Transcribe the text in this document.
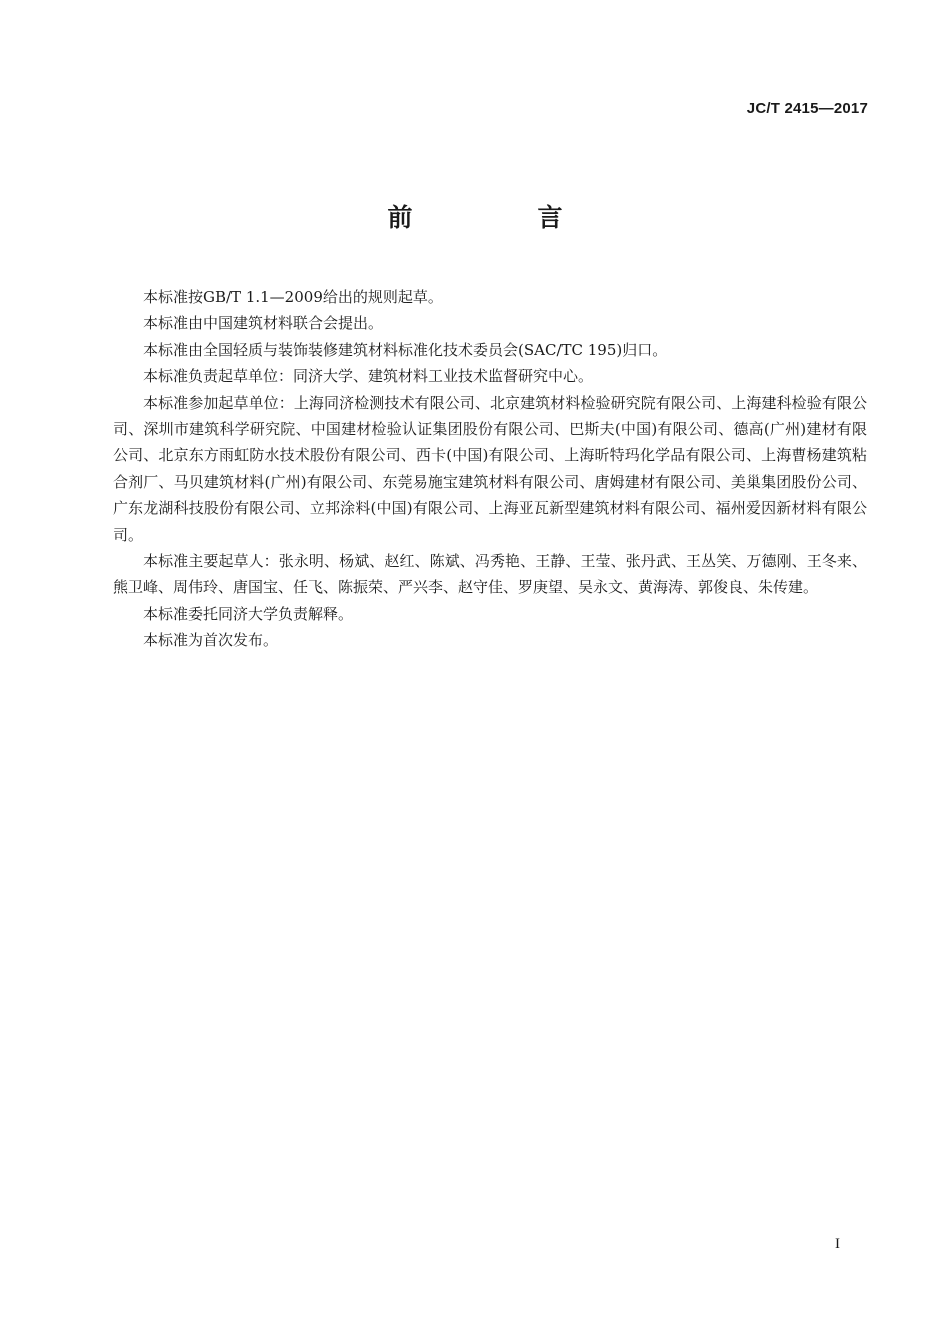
JC/T 2415—2017
前　言

本标准按GB/T 1.1—2009给出的规则起草。

本标准由中国建筑材料联合会提出。

本标准由全国轻质与装饰装修建筑材料标准化技术委员会(SAC/TC 195)归口。

本标准负责起草单位：同济大学、建筑材料工业技术监督研究中心。

本标准参加起草单位：上海同济检测技术有限公司、北京建筑材料检验研究院有限公司、上海建科检验有限公司、深圳市建筑科学研究院、中国建材检验认证集团股份有限公司、巴斯夫(中国)有限公司、德高(广州)建材有限公司、北京东方雨虹防水技术股份有限公司、西卡(中国)有限公司、上海昕特玛化学品有限公司、上海曹杨建筑粘合剂厂、马贝建筑材料(广州)有限公司、东莞易施宝建筑材料有限公司、唐姆建材有限公司、美巢集团股份公司、广东龙湖科技股份有限公司、立邦涂料(中国)有限公司、上海亚瓦新型建筑材料有限公司、福州爱因新材料有限公司。

本标准主要起草人：张永明、杨斌、赵红、陈斌、冯秀艳、王静、王莹、张丹武、王丛笑、万德刚、王冬来、熊卫峰、周伟玲、唐国宝、任飞、陈振荣、严兴李、赵守佳、罗庚望、吴永文、黄海涛、郭俊良、朱传建。

本标准委托同济大学负责解释。

本标准为首次发布。

I
